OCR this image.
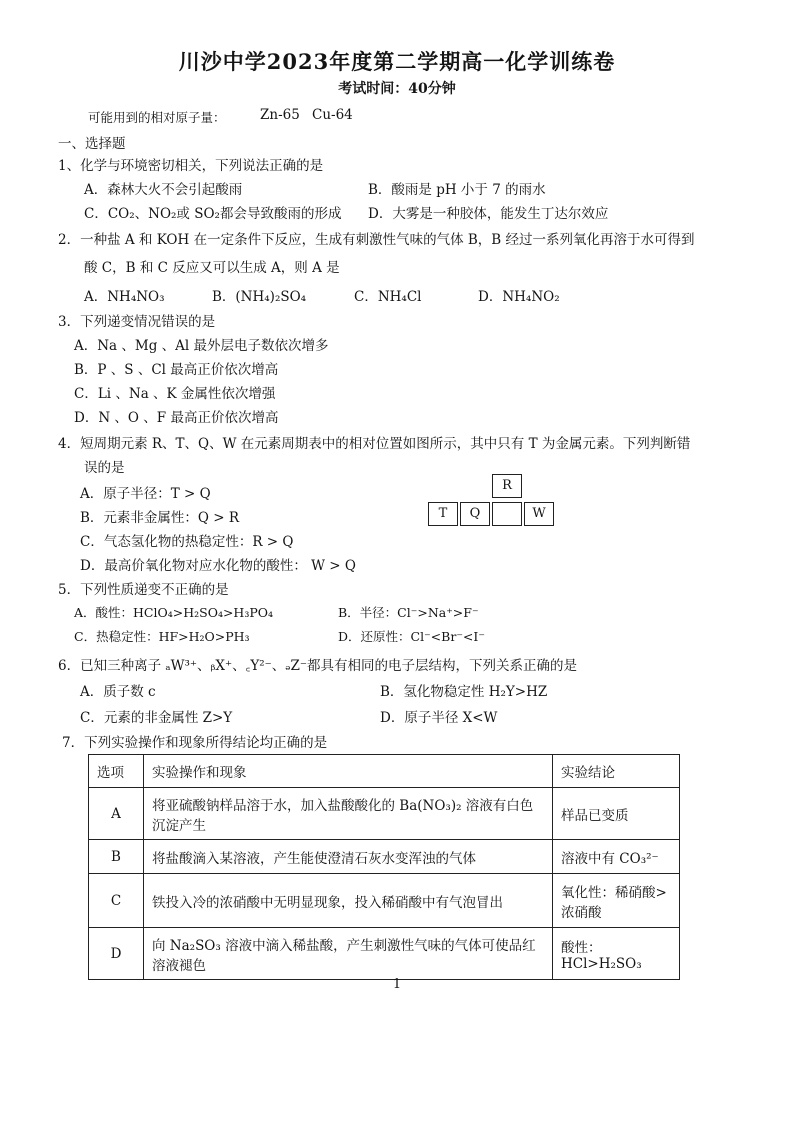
川沙中学2023年度第二学期高一化学训练卷
考试时间：40分钟
可能用到的相对原子量：	Zn-65 Cu-64
一、选择题
1、化学与环境密切相关，下列说法正确的是
A．森林大火不会引起酸雨	B．酸雨是 pH 小于 7 的雨水
C．CO₂、NO₂或 SO₂都会导致酸雨的形成 D．大雾是一种胶体，能发生丁达尔效应
2．一种盐 A 和 KOH 在一定条件下反应，生成有刺激性气味的气体 B，B 经过一系列氧化再溶于水可得到
酸 C，B 和 C 反应又可以生成 A，则 A 是
A．NH₄NO₃	B．(NH₄)₂SO₄	C．NH₄Cl	D．NH₄NO₂
3．下列递变情况错误的是
A．Na 、Mg 、Al 最外层电子数依次增多
B．P 、S 、Cl 最高正价依次增高
C．Li 、Na 、K 金属性依次增强
D．N 、O 、F 最高正价依次增高
4．短周期元素 R、T、Q、W 在元素周期表中的相对位置如图所示，其中只有 T 为金属元素。下列判断错
误的是
A．原子半径：T > Q
B．元素非金属性：Q > R
C．气态氢化物的热稳定性：R > Q
D．最高价氧化物对应水化物的酸性： W > Q
R
T	Q	W
5．下列性质递变不正确的是
A．酸性：HClO₄>H₂SO₄>H₃PO₄	B．半径：Cl⁻>Na⁺>F⁻
C．热稳定性：HF>H₂O>PH₃	D．还原性：Cl⁻<Br⁻<I⁻
6．已知三种离子 ₐW³⁺、ᵦX⁺、꜀Y²⁻、ₔZ⁻都具有相同的电子层结构，下列关系正确的是
A．质子数 c	B．氢化物稳定性 H₂Y>HZ
C．元素的非金属性 Z>Y	D．原子半径 X<W
7．下列实验操作和现象所得结论均正确的是
选项	实验操作和现象	实验结论
A	将亚硫酸钠样品溶于水，加入盐酸酸化的 Ba(NO₃)₂ 溶液有白色沉淀产生	样品已变质
B	将盐酸滴入某溶液，产生能使澄清石灰水变浑浊的气体	溶液中有 CO₃²⁻
C	铁投入冷的浓硝酸中无明显现象，投入稀硝酸中有气泡冒出	氧化性：稀硝酸>浓硝酸
D	向 Na₂SO₃ 溶液中滴入稀盐酸，产生刺激性气味的气体可使品红溶液褪色	酸性：HCl>H₂SO₃
1
